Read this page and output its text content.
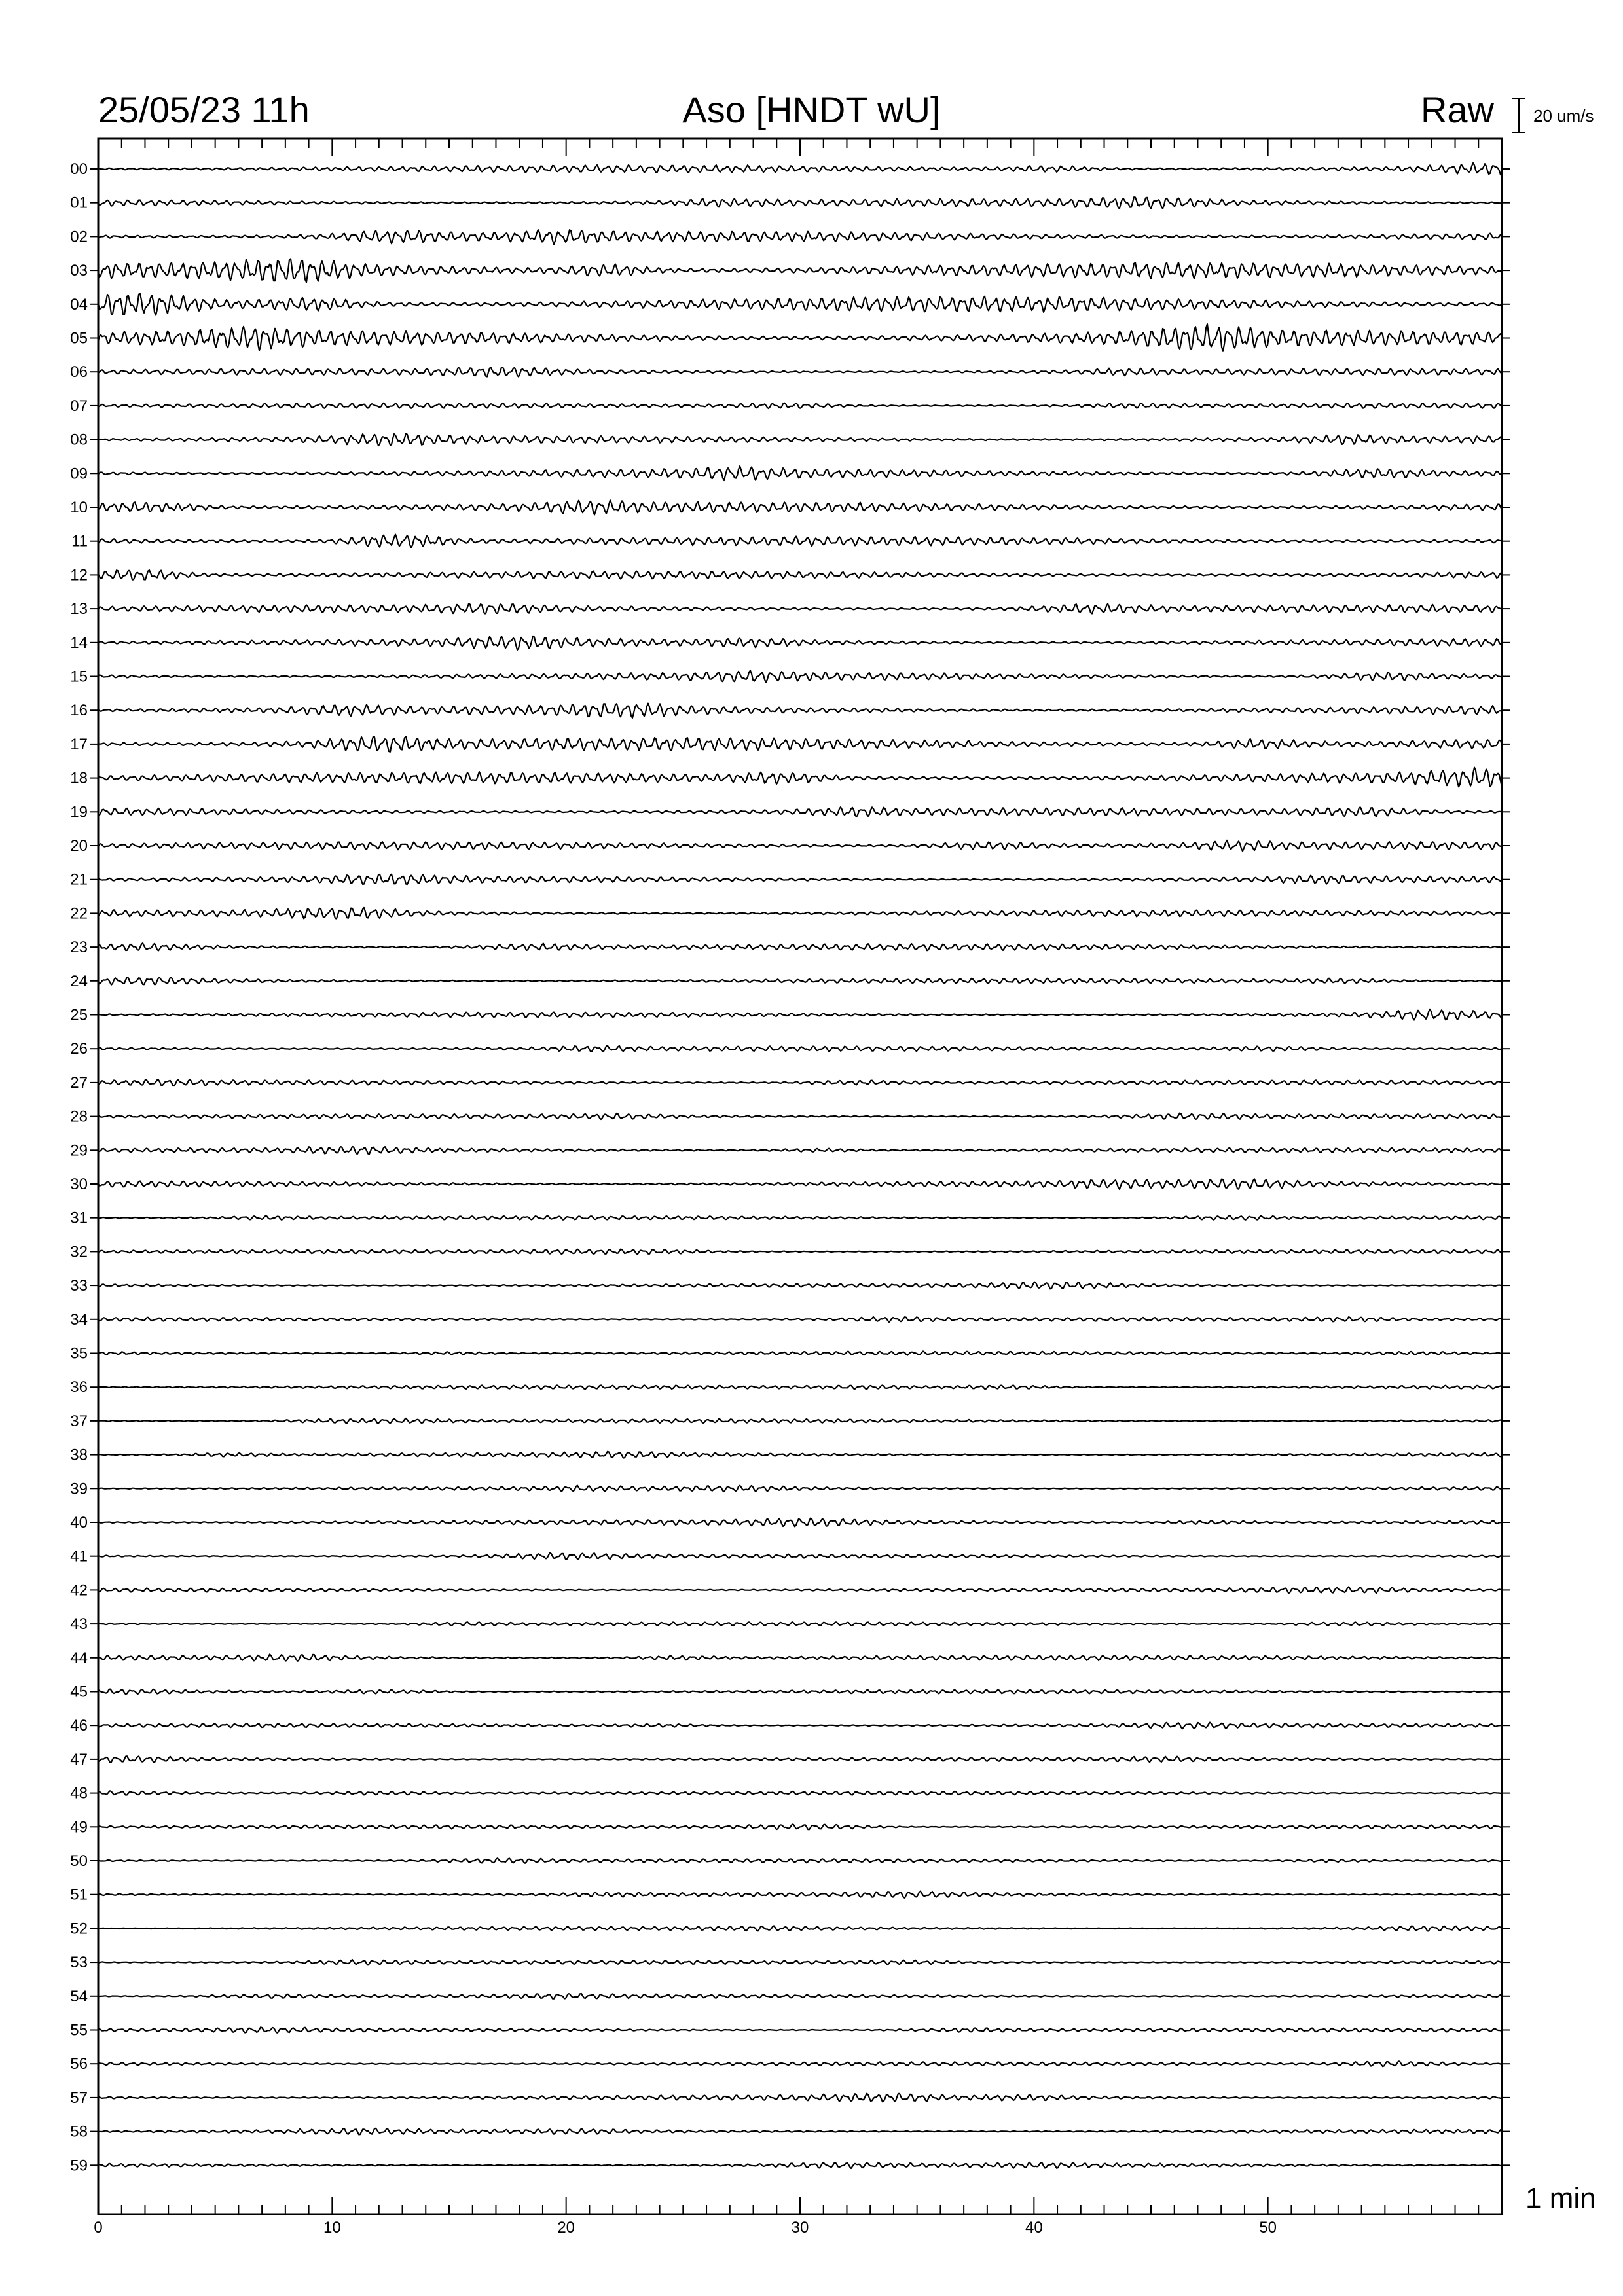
25/05/23 11h	Aso [HNDT wU]	Raw 20 um/s
1 min
00
01
02
03
04
05
06
07
08
09
10
11
12
13
14
15
16
17
18
19
20
21
22
23
24
25
26
27
28
29
30
31
32
33
34
35
36
37
38
39
40
41
42
43
44
45
46
47
48
49
50
51
52
53
54
55
56
57
58
59
0	10	20	30	40	50
